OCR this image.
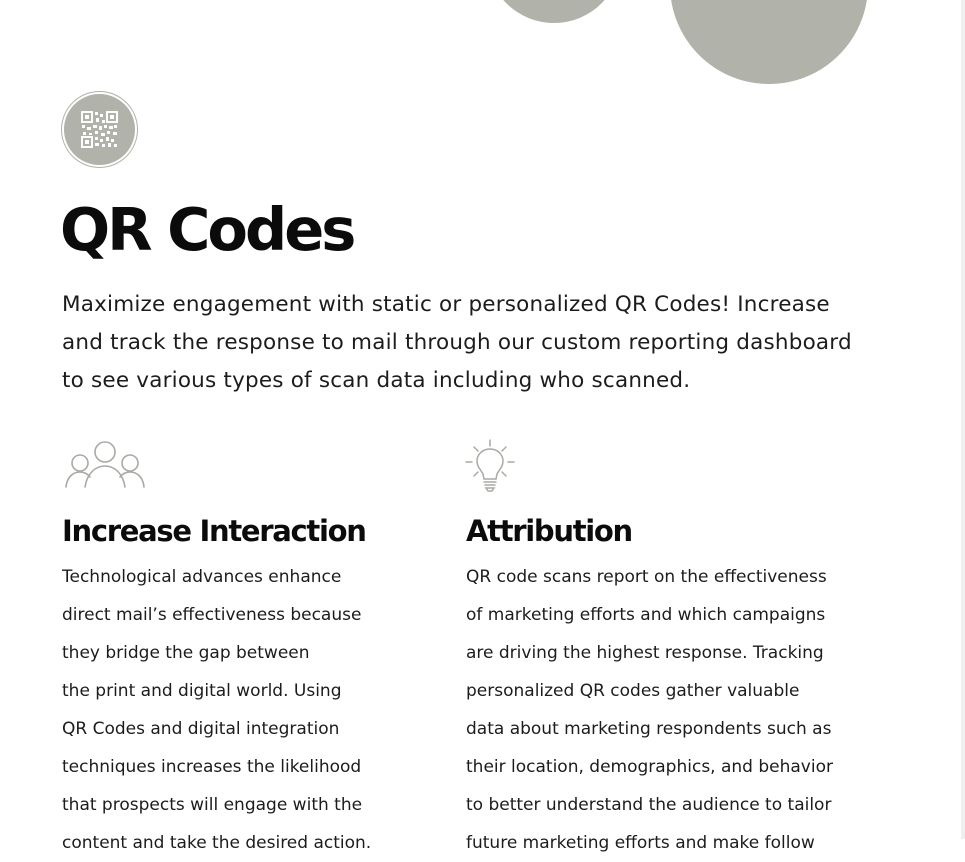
QR Codes

Maximize engagement with static or personalized QR Codes! Increase and track the response to mail through our custom reporting dashboard to see various types of scan data including who scanned.

Increase Interaction
Technological advances enhance
direct mail’s effectiveness because
they bridge the gap between
the print and digital world. Using
QR Codes and digital integration
techniques increases the likelihood
that prospects will engage with the
content and take the desired action.
Attribution
QR code scans report on the effectiveness
of marketing efforts and which campaigns
are driving the highest response. Tracking
personalized QR codes gather valuable
data about marketing respondents such as
their location, demographics, and behavior
to better understand the audience to tailor
future marketing efforts and make follow
